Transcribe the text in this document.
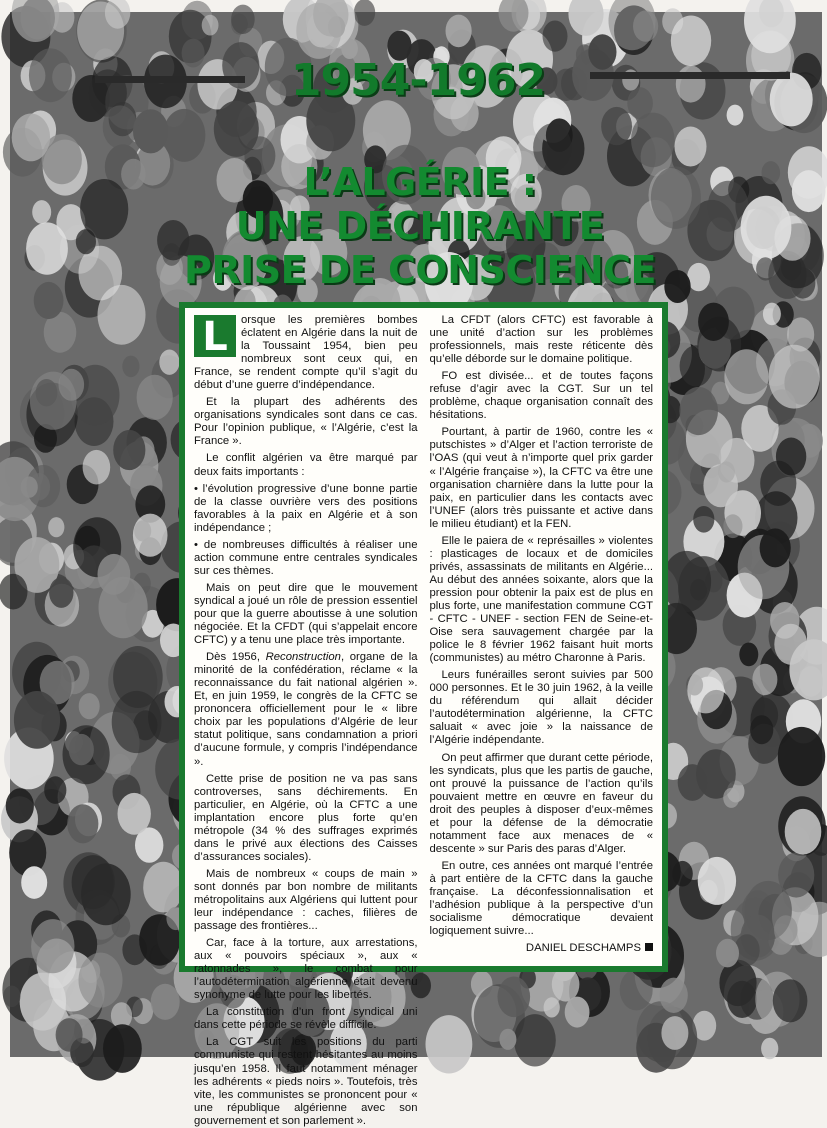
1954-1962
L’ALGÉRIE :
UNE DÉCHIRANTE
PRISE DE CONSCIENCE

L	orsque les premières bombes éclatent en Algérie dans la nuit de la Toussaint 1954, bien peu nombreux sont ceux qui, en France, se rendent compte qu’il s’agit du début d’une guerre d’indépendance.

Et la plupart des adhérents des organisations syndicales sont dans ce cas. Pour l’opinion publique, « l’Algérie, c’est la France ».

Le conflit algérien va être marqué par deux faits importants :

• l’évolution progressive d’une bonne partie de la classe ouvrière vers des positions favorables à la paix en Algérie et à son indépendance ;

• de nombreuses difficultés à réaliser une action commune entre centrales syndicales sur ces thèmes.

Mais on peut dire que le mouvement syndical a joué un rôle de pression essentiel pour que la guerre aboutisse à une solution négociée. Et la CFDT (qui s’appelait encore CFTC) y a tenu une place très importante.

Dès 1956, Reconstruction, organe de la minorité de la confédération, réclame « la reconnaissance du fait national algérien ». Et, en juin 1959, le congrès de la CFTC se prononcera officiellement pour le « libre choix par les populations d’Algérie de leur statut politique, sans condamnation a priori d’aucune formule, y compris l’indépendance ».

Cette prise de position ne va pas sans controverses, sans déchirements. En particulier, en Algérie, où la CFTC a une implantation encore plus forte qu’en métropole (34 % des suffrages exprimés dans le privé aux élections des Caisses d’assurances sociales).

Mais de nombreux « coups de main » sont donnés par bon nombre de militants métropolitains aux Algériens qui luttent pour leur indépendance : caches, filières de passage des frontières...

Car, face à la torture, aux arrestations, aux « pouvoirs spéciaux », aux « ratonnades », le combat pour l’autodétermination algérienne était devenu synonyme de lutte pour les libertés.

La constitution d’un front syndical uni dans cette période se révèle difficile.

La CGT suit les positions du parti communiste qui restent hésitantes au moins jusqu’en 1958. Il faut notamment ménager les adhérents « pieds noirs ». Toutefois, très vite, les communistes se prononcent pour « une république algérienne avec son gouvernement et son parlement ».

La CFDT (alors CFTC) est favorable à une unité d’action sur les problèmes professionnels, mais reste réticente dès qu’elle déborde sur le domaine politique.

FO est divisée... et de toutes façons refuse d’agir avec la CGT. Sur un tel problème, chaque organisation connaît des hésitations.

Pourtant, à partir de 1960, contre les « putschistes » d’Alger et l’action terroriste de l’OAS (qui veut à n’importe quel prix garder « l’Algérie française »), la CFTC va être une organisation charnière dans la lutte pour la paix, en particulier dans les contacts avec l’UNEF (alors très puissante et active dans le milieu étudiant) et la FEN.

Elle le paiera de « représailles » violentes : plasticages de locaux et de domiciles privés, assassinats de militants en Algérie... Au début des années soixante, alors que la pression pour obtenir la paix est de plus en plus forte, une manifestation commune CGT - CFTC - UNEF - section FEN de Seine-et-Oise sera sauvagement chargée par la police le 8 février 1962 faisant huit morts (communistes) au métro Charonne à Paris.

Leurs funérailles seront suivies par 500 000 personnes. Et le 30 juin 1962, à la veille du référendum qui allait décider l’autodétermination algérienne, la CFTC saluait « avec joie » la naissance de l’Algérie indépendante.

On peut affirmer que durant cette période, les syndicats, plus que les partis de gauche, ont prouvé la puissance de l’action qu’ils pouvaient mettre en œuvre en faveur du droit des peuples à disposer d’eux-mêmes et pour la défense de la démocratie notamment face aux menaces de « descente » sur Paris des paras d’Alger.

En outre, ces années ont marqué l’entrée à part entière de la CFTC dans la gauche française. La déconfessionnalisation et l’adhésion publique à la perspective d’un socialisme démocratique devaient logiquement suivre...

DANIEL DESCHAMPS
